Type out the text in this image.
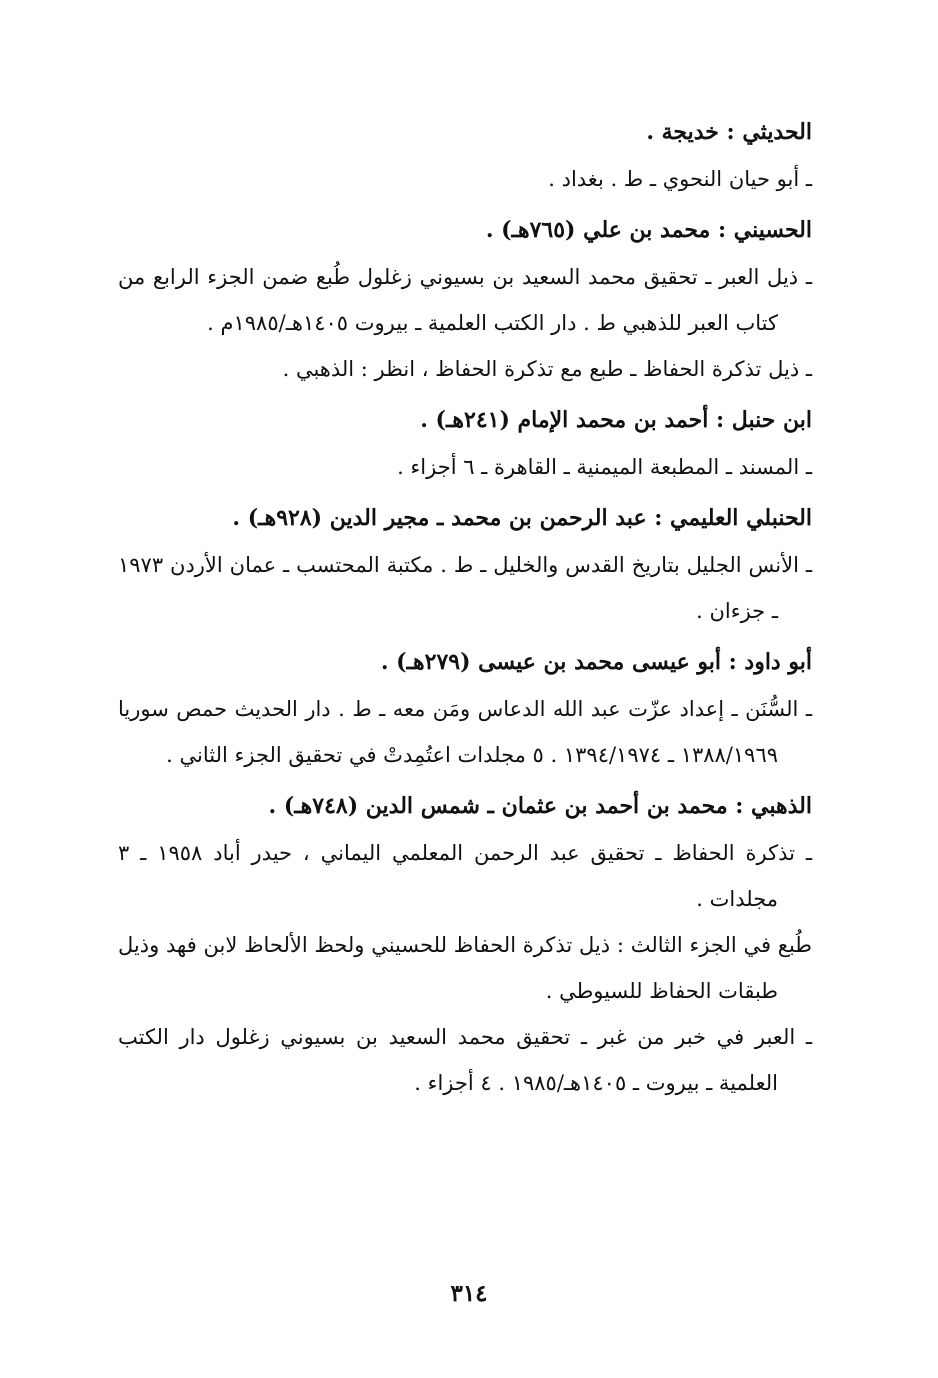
الحديثي : خديجة .
ـ أبو حيان النحوي ـ ط . بغداد .
الحسيني : محمد بن علي (٧٦٥هـ) .
ـ ذيل العبر ـ تحقيق محمد السعيد بن بسيوني زغلول طُبع ضمن الجزء الرابع من كتاب العبر للذهبي ط . دار الكتب العلمية ـ بيروت ١٤٠٥هـ/١٩٨٥م .
ـ ذيل تذكرة الحفاظ ـ طبع مع تذكرة الحفاظ ، انظر : الذهبي .
ابن حنبل : أحمد بن محمد الإمام (٢٤١هـ) .
ـ المسند ـ المطبعة الميمنية ـ القاهرة ـ ٦ أجزاء .
الحنبلي العليمي : عبد الرحمن بن محمد ـ مجير الدين (٩٢٨هـ) .
ـ الأنس الجليل بتاريخ القدس والخليل ـ ط . مكتبة المحتسب ـ عمان الأردن ١٩٧٣ ـ جزءان .
أبو داود : أبو عيسى محمد بن عيسى (٢٧٩هـ) .
ـ السُّنَن ـ إعداد عزّت عبد الله الدعاس ومَن معه ـ ط . دار الحديث حمص سوريا ١٣٨٨/١٩٦٩ ـ ١٣٩٤/١٩٧٤ . ٥ مجلدات اعتُمِدتْ في تحقيق الجزء الثاني .
الذهبي : محمد بن أحمد بن عثمان ـ شمس الدين (٧٤٨هـ) .
ـ تذكرة الحفاظ ـ تحقيق عبد الرحمن المعلمي اليماني ، حيدر أباد ١٩٥٨ ـ ٣ مجلدات .
طُبع في الجزء الثالث : ذيل تذكرة الحفاظ للحسيني ولحظ الألحاظ لابن فهد وذيل طبقات الحفاظ للسيوطي .
ـ العبر في خبر من غبر ـ تحقيق محمد السعيد بن بسيوني زغلول دار الكتب العلمية ـ بيروت ـ ١٤٠٥هـ/١٩٨٥ . ٤ أجزاء .
٣١٤
